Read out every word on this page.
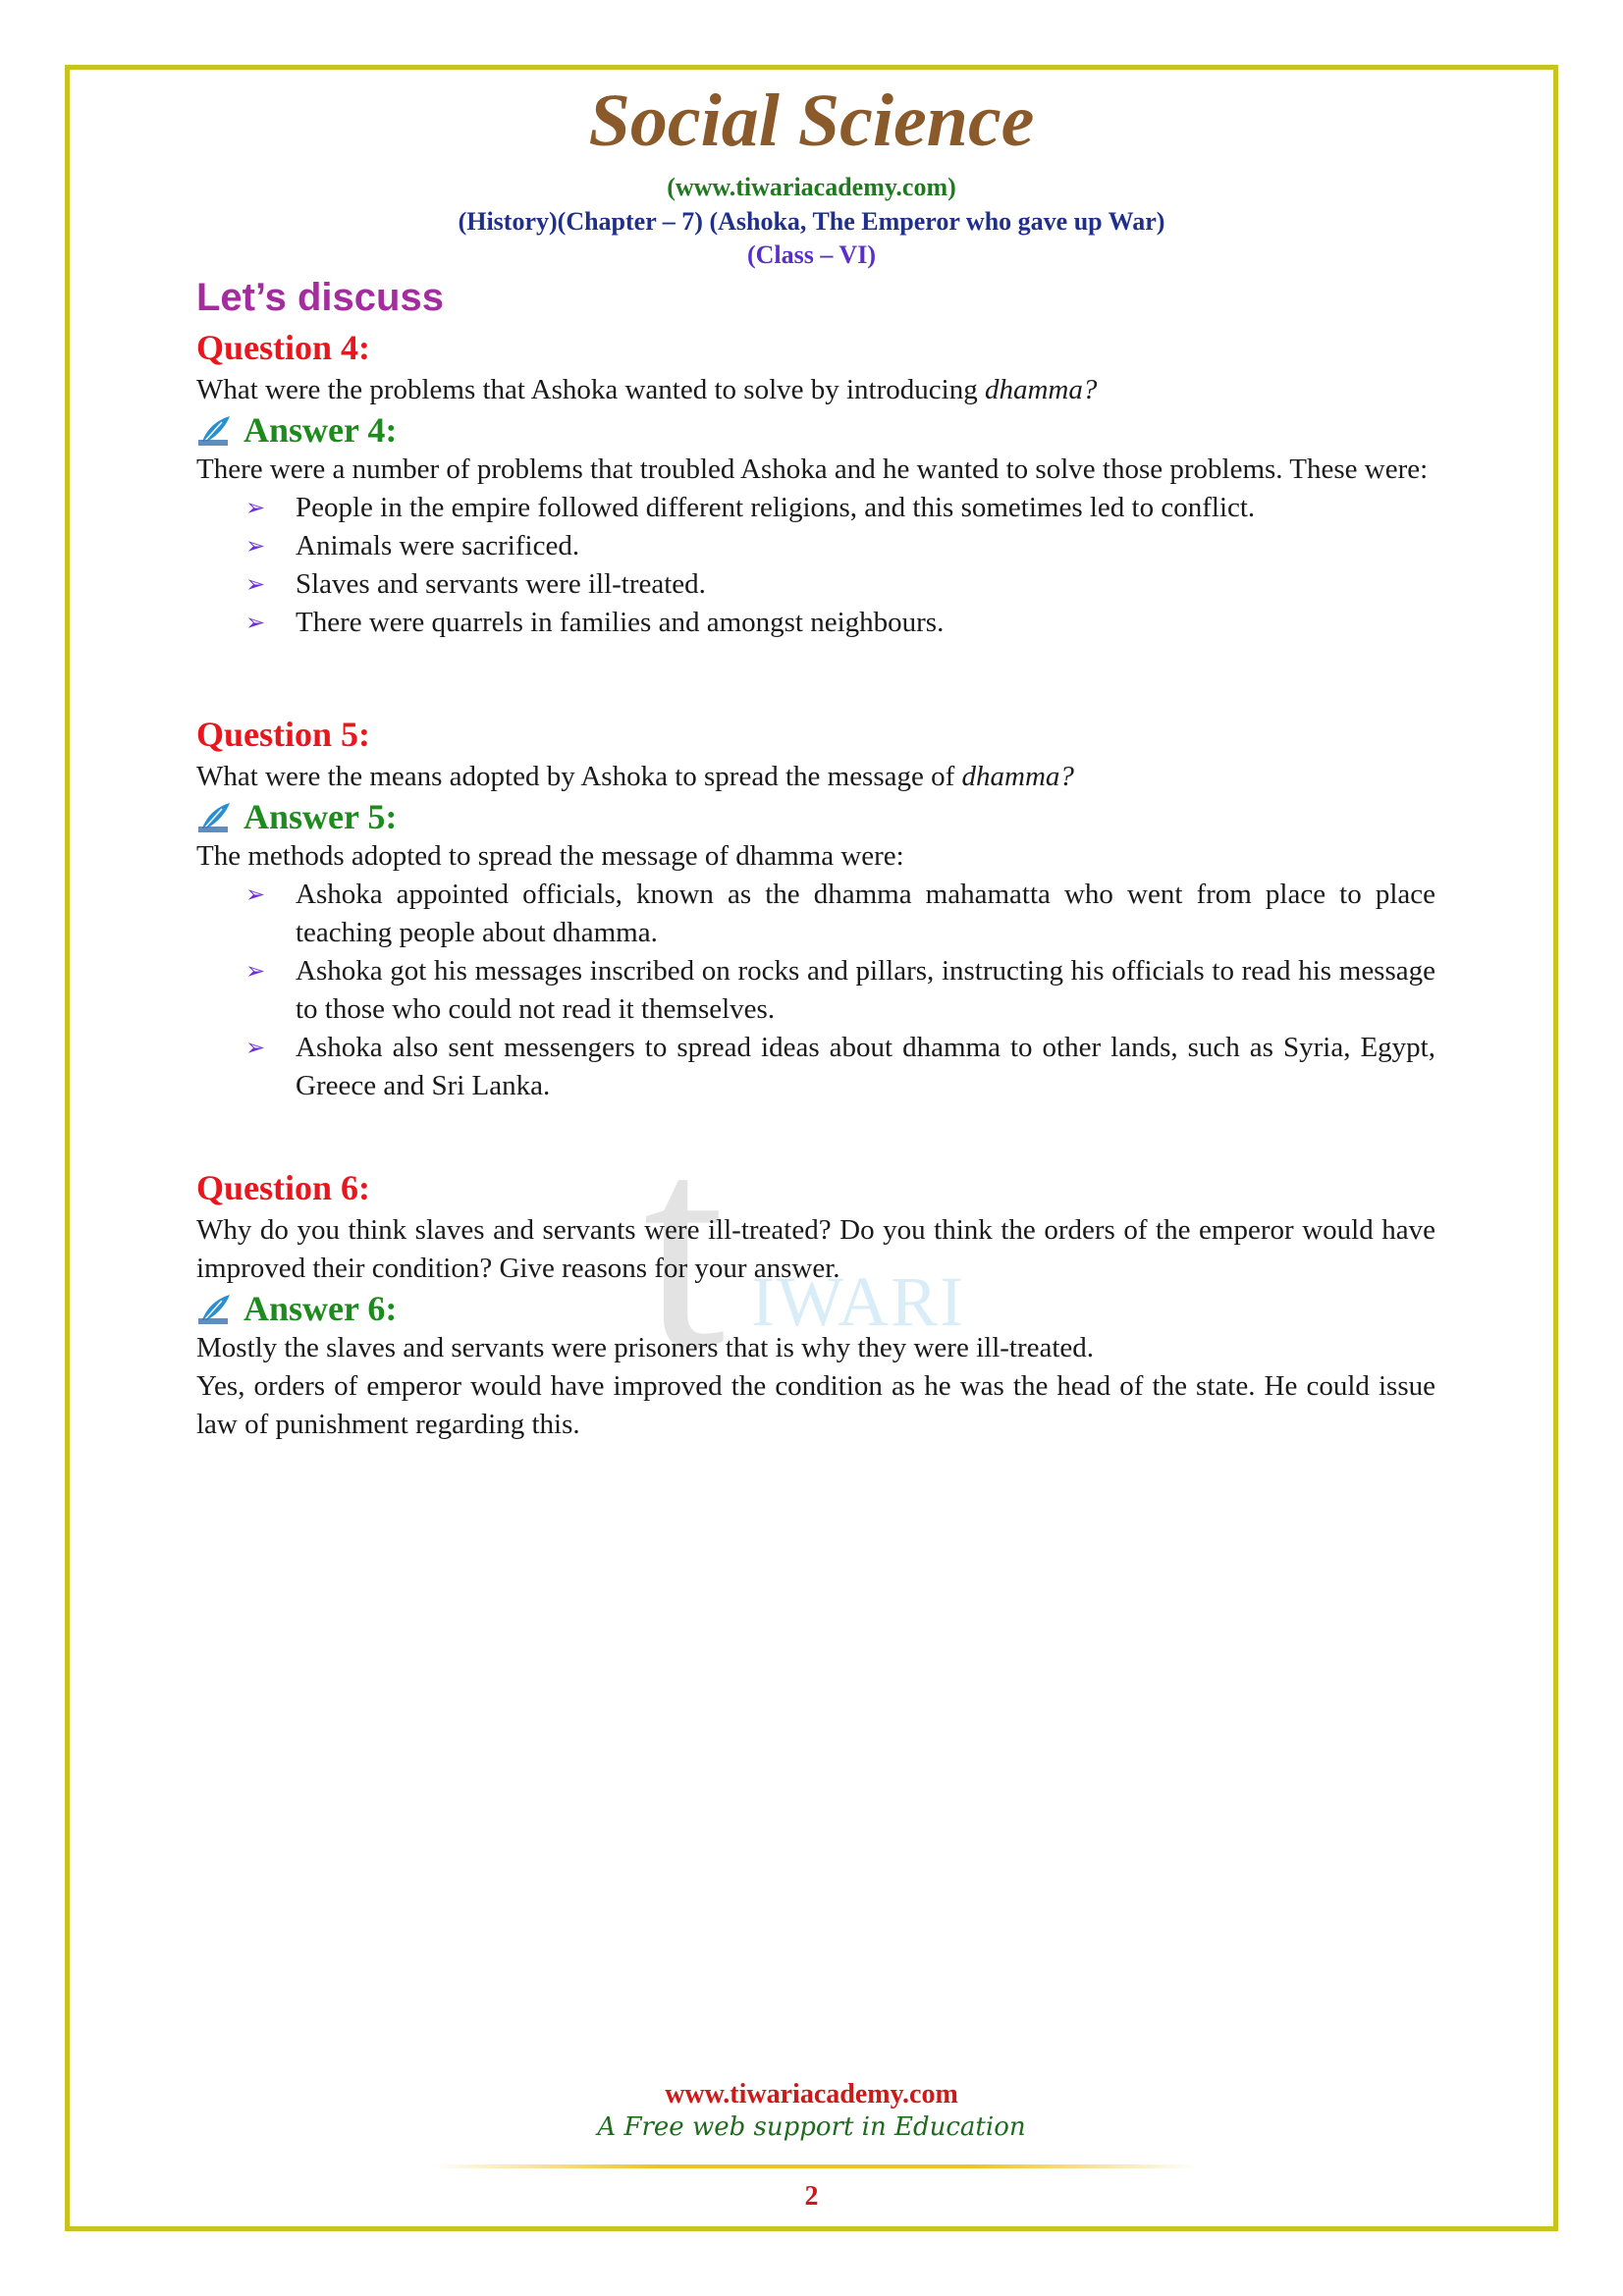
t IWARI
Social Science
(www.tiwariacademy.com)
(History)(Chapter – 7) (Ashoka, The Emperor who gave up War)
(Class – VI)
Let’s discuss
Question 4:

What were the problems that Ashoka wanted to solve by introducing dhamma?

Answer 4:

There were a number of problems that troubled Ashoka and he wanted to solve those problems. These were:

➢ People in the empire followed different religions, and this sometimes led to conflict.
➢ Animals were sacrificed.
➢ Slaves and servants were ill-treated.
➢ There were quarrels in families and amongst neighbours.
Question 5:

What were the means adopted by Ashoka to spread the message of dhamma?

Answer 5:

The methods adopted to spread the message of dhamma were:

➢ Ashoka appointed officials, known as the dhamma mahamatta who went from place to place teaching people about dhamma.
➢ Ashoka got his messages inscribed on rocks and pillars, instructing his officials to read his message to those who could not read it themselves.
➢ Ashoka also sent messengers to spread ideas about dhamma to other lands, such as Syria, Egypt, Greece and Sri Lanka.
Question 6:

Why do you think slaves and servants were ill-treated? Do you think the orders of the emperor would have improved their condition? Give reasons for your answer.

Answer 6:

Mostly the slaves and servants were prisoners that is why they were ill-treated.

Yes, orders of emperor would have improved the condition as he was the head of the state. He could issue law of punishment regarding this.

www.tiwariacademy.com
A Free web support in Education
2
